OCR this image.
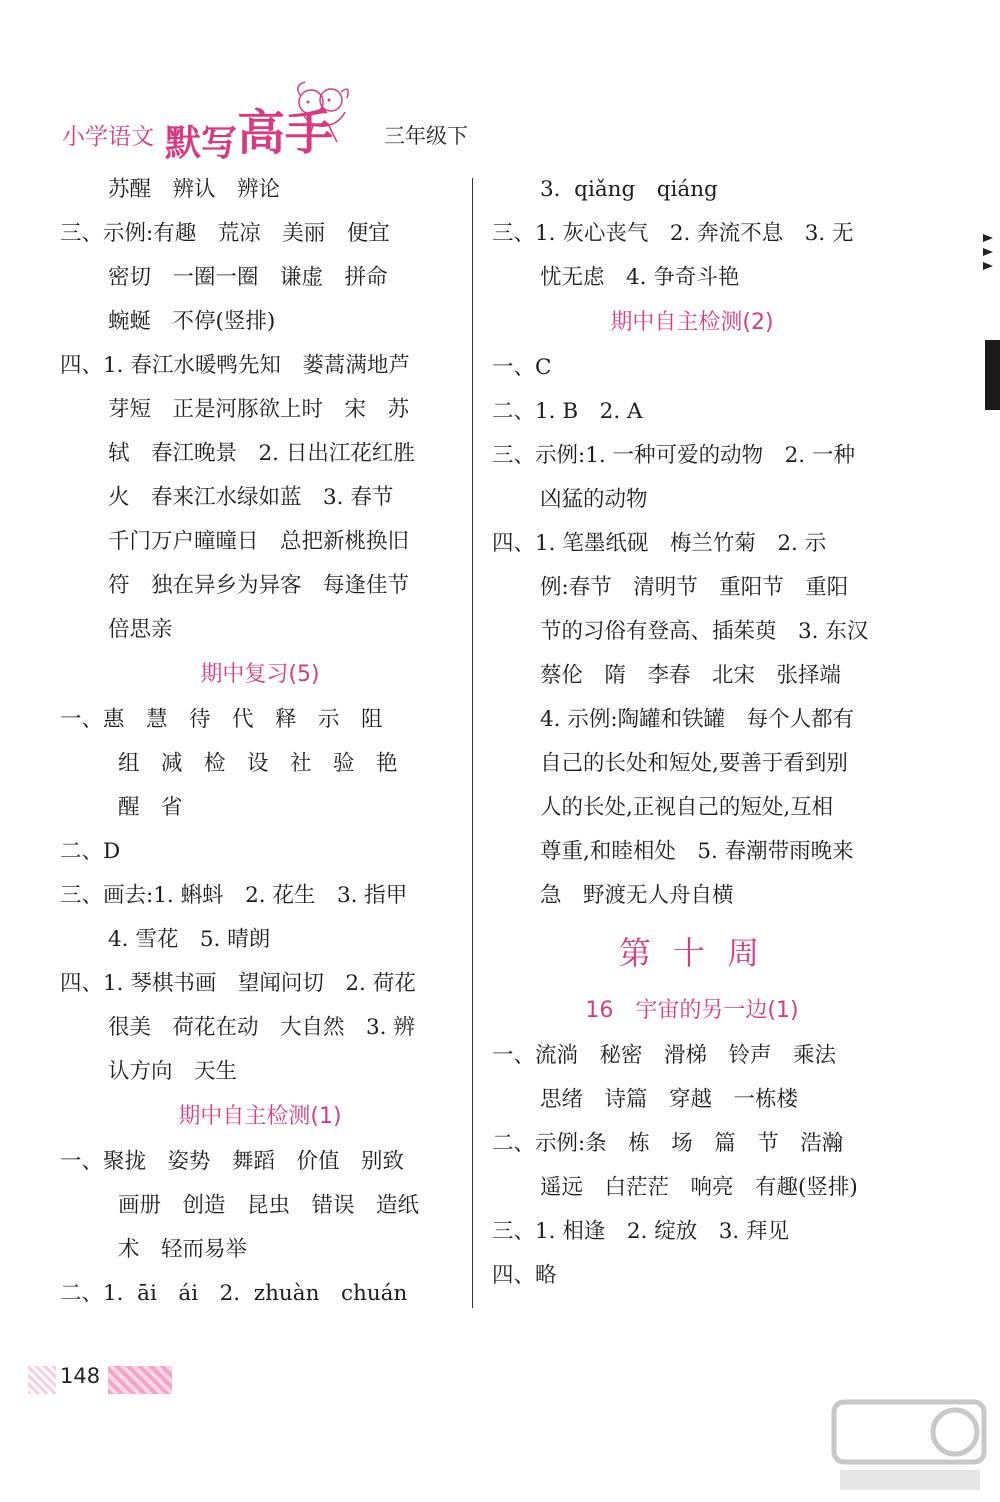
小学语文 默写高手 三年级下
苏醒　辨认　辨论
三、示例:有趣　荒凉　美丽　便宜
密切　一圈一圈　谦虚　拼命
蜿蜒　不停(竖排)
四、1. 春江水暖鸭先知　蒌蒿满地芦
芽短　正是河豚欲上时　宋　苏
轼　春江晚景　2. 日出江花红胜
火　春来江水绿如蓝　3. 春节
千门万户曈曈日　总把新桃换旧
符　独在异乡为异客　每逢佳节
倍思亲
期中复习(5)
一、惠　慧　待　代　释　示　阻
组　减　检　设　社　验　艳
醒　省
二、D
三、画去:1. 蝌蚪　2. 花生　3. 指甲
4. 雪花　5. 晴朗
四、1. 琴棋书画　望闻问切　2. 荷花
很美　荷花在动　大自然　3. 辨
认方向　天生
期中自主检测(1)
一、聚拢　姿势　舞蹈　价值　别致
画册　创造　昆虫　错误　造纸
术　轻而易举
二、1.  āi　ái　2.  zhuàn　chuán
3.  qiǎng　qiáng
三、1. 灰心丧气　2. 奔流不息　3. 无
忧无虑　4. 争奇斗艳
期中自主检测(2)
一、C
二、1. B　2. A
三、示例:1. 一种可爱的动物　2. 一种
凶猛的动物
四、1. 笔墨纸砚　梅兰竹菊　2. 示
例:春节　清明节　重阳节　重阳
节的习俗有登高、插茱萸　3. 东汉
蔡伦　隋　李春　北宋　张择端
4. 示例:陶罐和铁罐　每个人都有
自己的长处和短处,要善于看到别
人的长处,正视自己的短处,互相
尊重,和睦相处　5. 春潮带雨晚来
急　野渡无人舟自横
第 十 周
16　宇宙的另一边(1)
一、流淌　秘密　滑梯　铃声　乘法
思绪　诗篇　穿越　一栋楼
二、示例:条　栋　场　篇　节　浩瀚
遥远　白茫茫　响亮　有趣(竖排)
三、1. 相逢　2. 绽放　3. 拜见
四、略
148
